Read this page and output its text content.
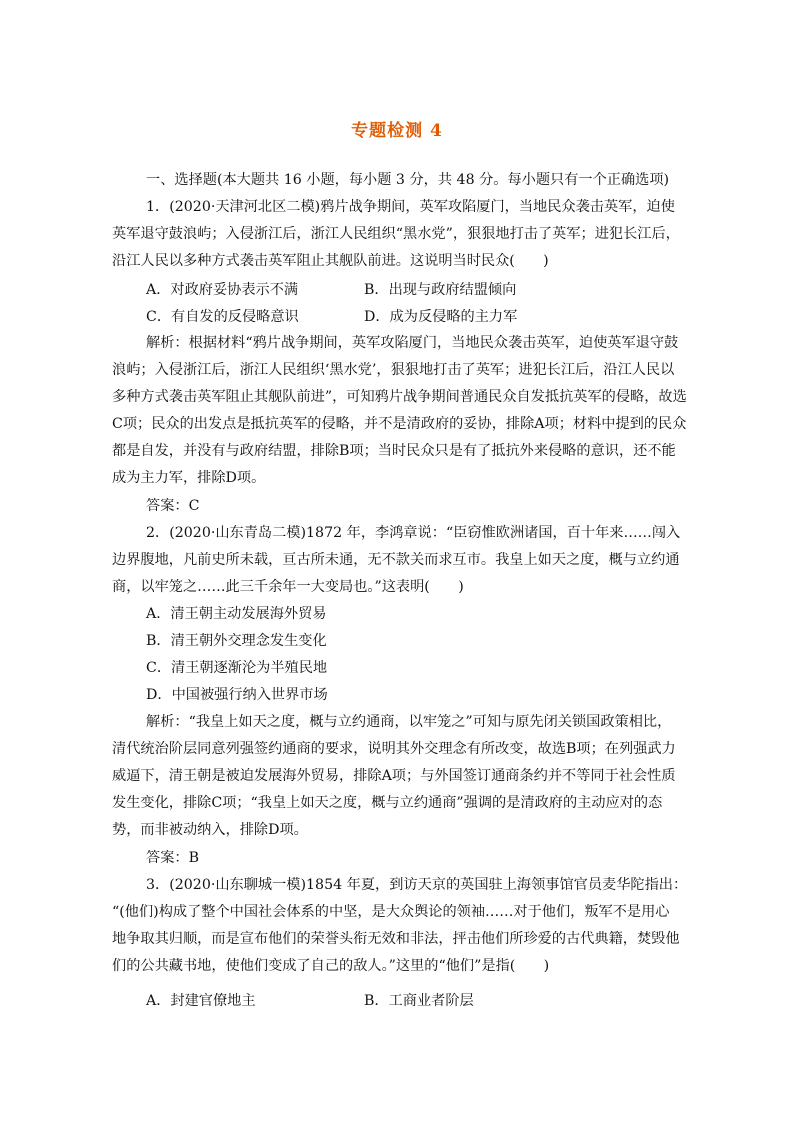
专题检测 4
一、选择题(本大题共 16 小题，每小题 3 分，共 48 分。每小题只有一个正确选项)
1．(2020·天津河北区二模)鸦片战争期间，英军攻陷厦门，当地民众袭击英军，迫使
英军退守鼓浪屿；入侵浙江后，浙江人民组织“黑水党”，狠狠地打击了英军；进犯长江后，
沿江人民以多种方式袭击英军阻止其舰队前进。这说明当时民众(　　)
A．对政府妥协表示不满	B．出现与政府结盟倾向
C．有自发的反侵略意识	D．成为反侵略的主力军
解析：根据材料“鸦片战争期间，英军攻陷厦门，当地民众袭击英军，迫使英军退守鼓
浪屿；入侵浙江后，浙江人民组织‘黑水党’，狠狠地打击了英军；进犯长江后，沿江人民以
多种方式袭击英军阻止其舰队前进”，可知鸦片战争期间普通民众自发抵抗英军的侵略，故选
C项；民众的出发点是抵抗英军的侵略，并不是清政府的妥协，排除A项；材料中提到的民众
都是自发，并没有与政府结盟，排除B项；当时民众只是有了抵抗外来侵略的意识，还不能
成为主力军，排除D项。
答案：C
2．(2020·山东青岛二模)1872 年，李鸿章说：“臣窃惟欧洲诸国，百十年来……闯入
边界腹地，凡前史所未载，亘古所未通，无不款关而求互市。我皇上如天之度，概与立约通
商，以牢笼之……此三千余年一大变局也。”这表明(　　)
A．清王朝主动发展海外贸易
B．清王朝外交理念发生变化
C．清王朝逐渐沦为半殖民地
D．中国被强行纳入世界市场
解析：“我皇上如天之度，概与立约通商，以牢笼之”可知与原先闭关锁国政策相比，
清代统治阶层同意列强签约通商的要求，说明其外交理念有所改变，故选B项；在列强武力
威逼下，清王朝是被迫发展海外贸易，排除A项；与外国签订通商条约并不等同于社会性质
发生变化，排除C项；“我皇上如天之度，概与立约通商”强调的是清政府的主动应对的态
势，而非被动纳入，排除D项。
答案：B
3．(2020·山东聊城一模)1854 年夏，到访天京的英国驻上海领事馆官员麦华陀指出：
“(他们)构成了整个中国社会体系的中坚，是大众舆论的领袖……对于他们，叛军不是用心
地争取其归顺，而是宣布他们的荣誉头衔无效和非法，抨击他们所珍爱的古代典籍，焚毁他
们的公共藏书地，使他们变成了自己的敌人。”这里的“他们”是指(　　)
A．封建官僚地主	B．工商业者阶层
